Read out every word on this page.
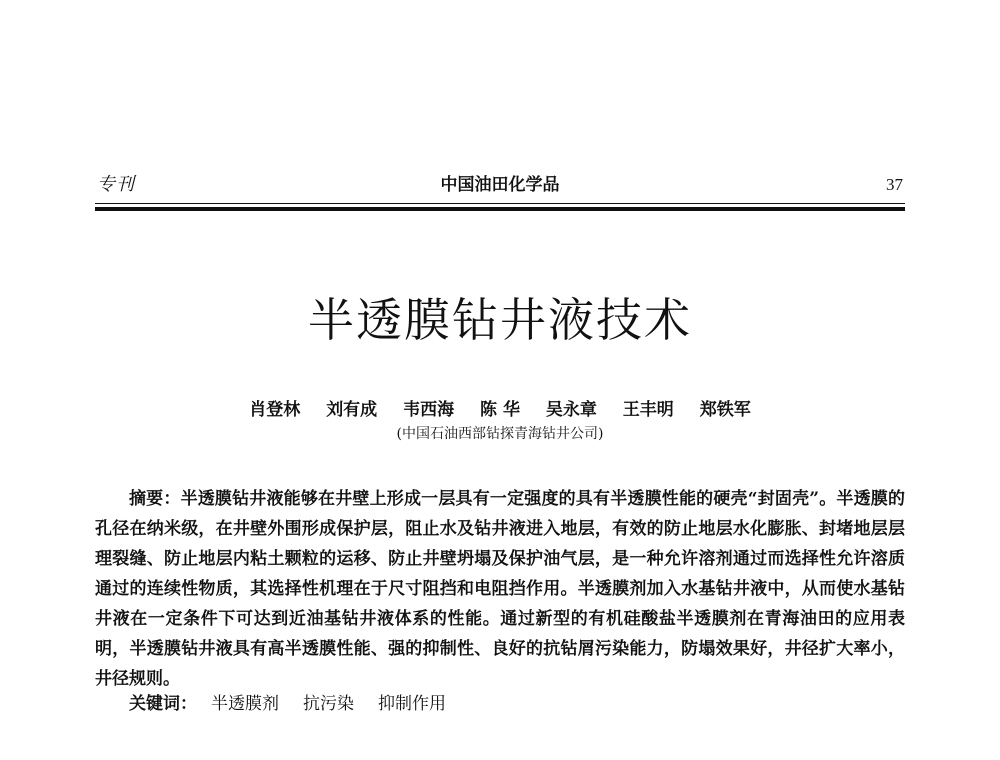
专刊	中国油田化学品	37
半透膜钻井液技术
肖登林 刘有成 韦西海 陈 华 吴永章 王丰明 郑铁军
(中国石油西部钻探青海钻井公司)

摘要：半透膜钻井液能够在井壁上形成一层具有一定强度的具有半透膜性能的硬壳“封固壳”。半透膜的孔径在纳米级，在井壁外围形成保护层，阻止水及钻井液进入地层，有效的防止地层水化膨胀、封堵地层层理裂缝、防止地层内粘土颗粒的运移、防止井壁坍塌及保护油气层，是一种允许溶剂通过而选择性允许溶质通过的连续性物质，其选择性机理在于尺寸阻挡和电阻挡作用。半透膜剂加入水基钻井液中，从而使水基钻井液在一定条件下可达到近油基钻井液体系的性能。通过新型的有机硅酸盐半透膜剂在青海油田的应用表明，半透膜钻井液具有高半透膜性能、强的抑制性、良好的抗钻屑污染能力，防塌效果好，井径扩大率小，井径规则。

关键词： 半透膜剂 抗污染 抑制作用
